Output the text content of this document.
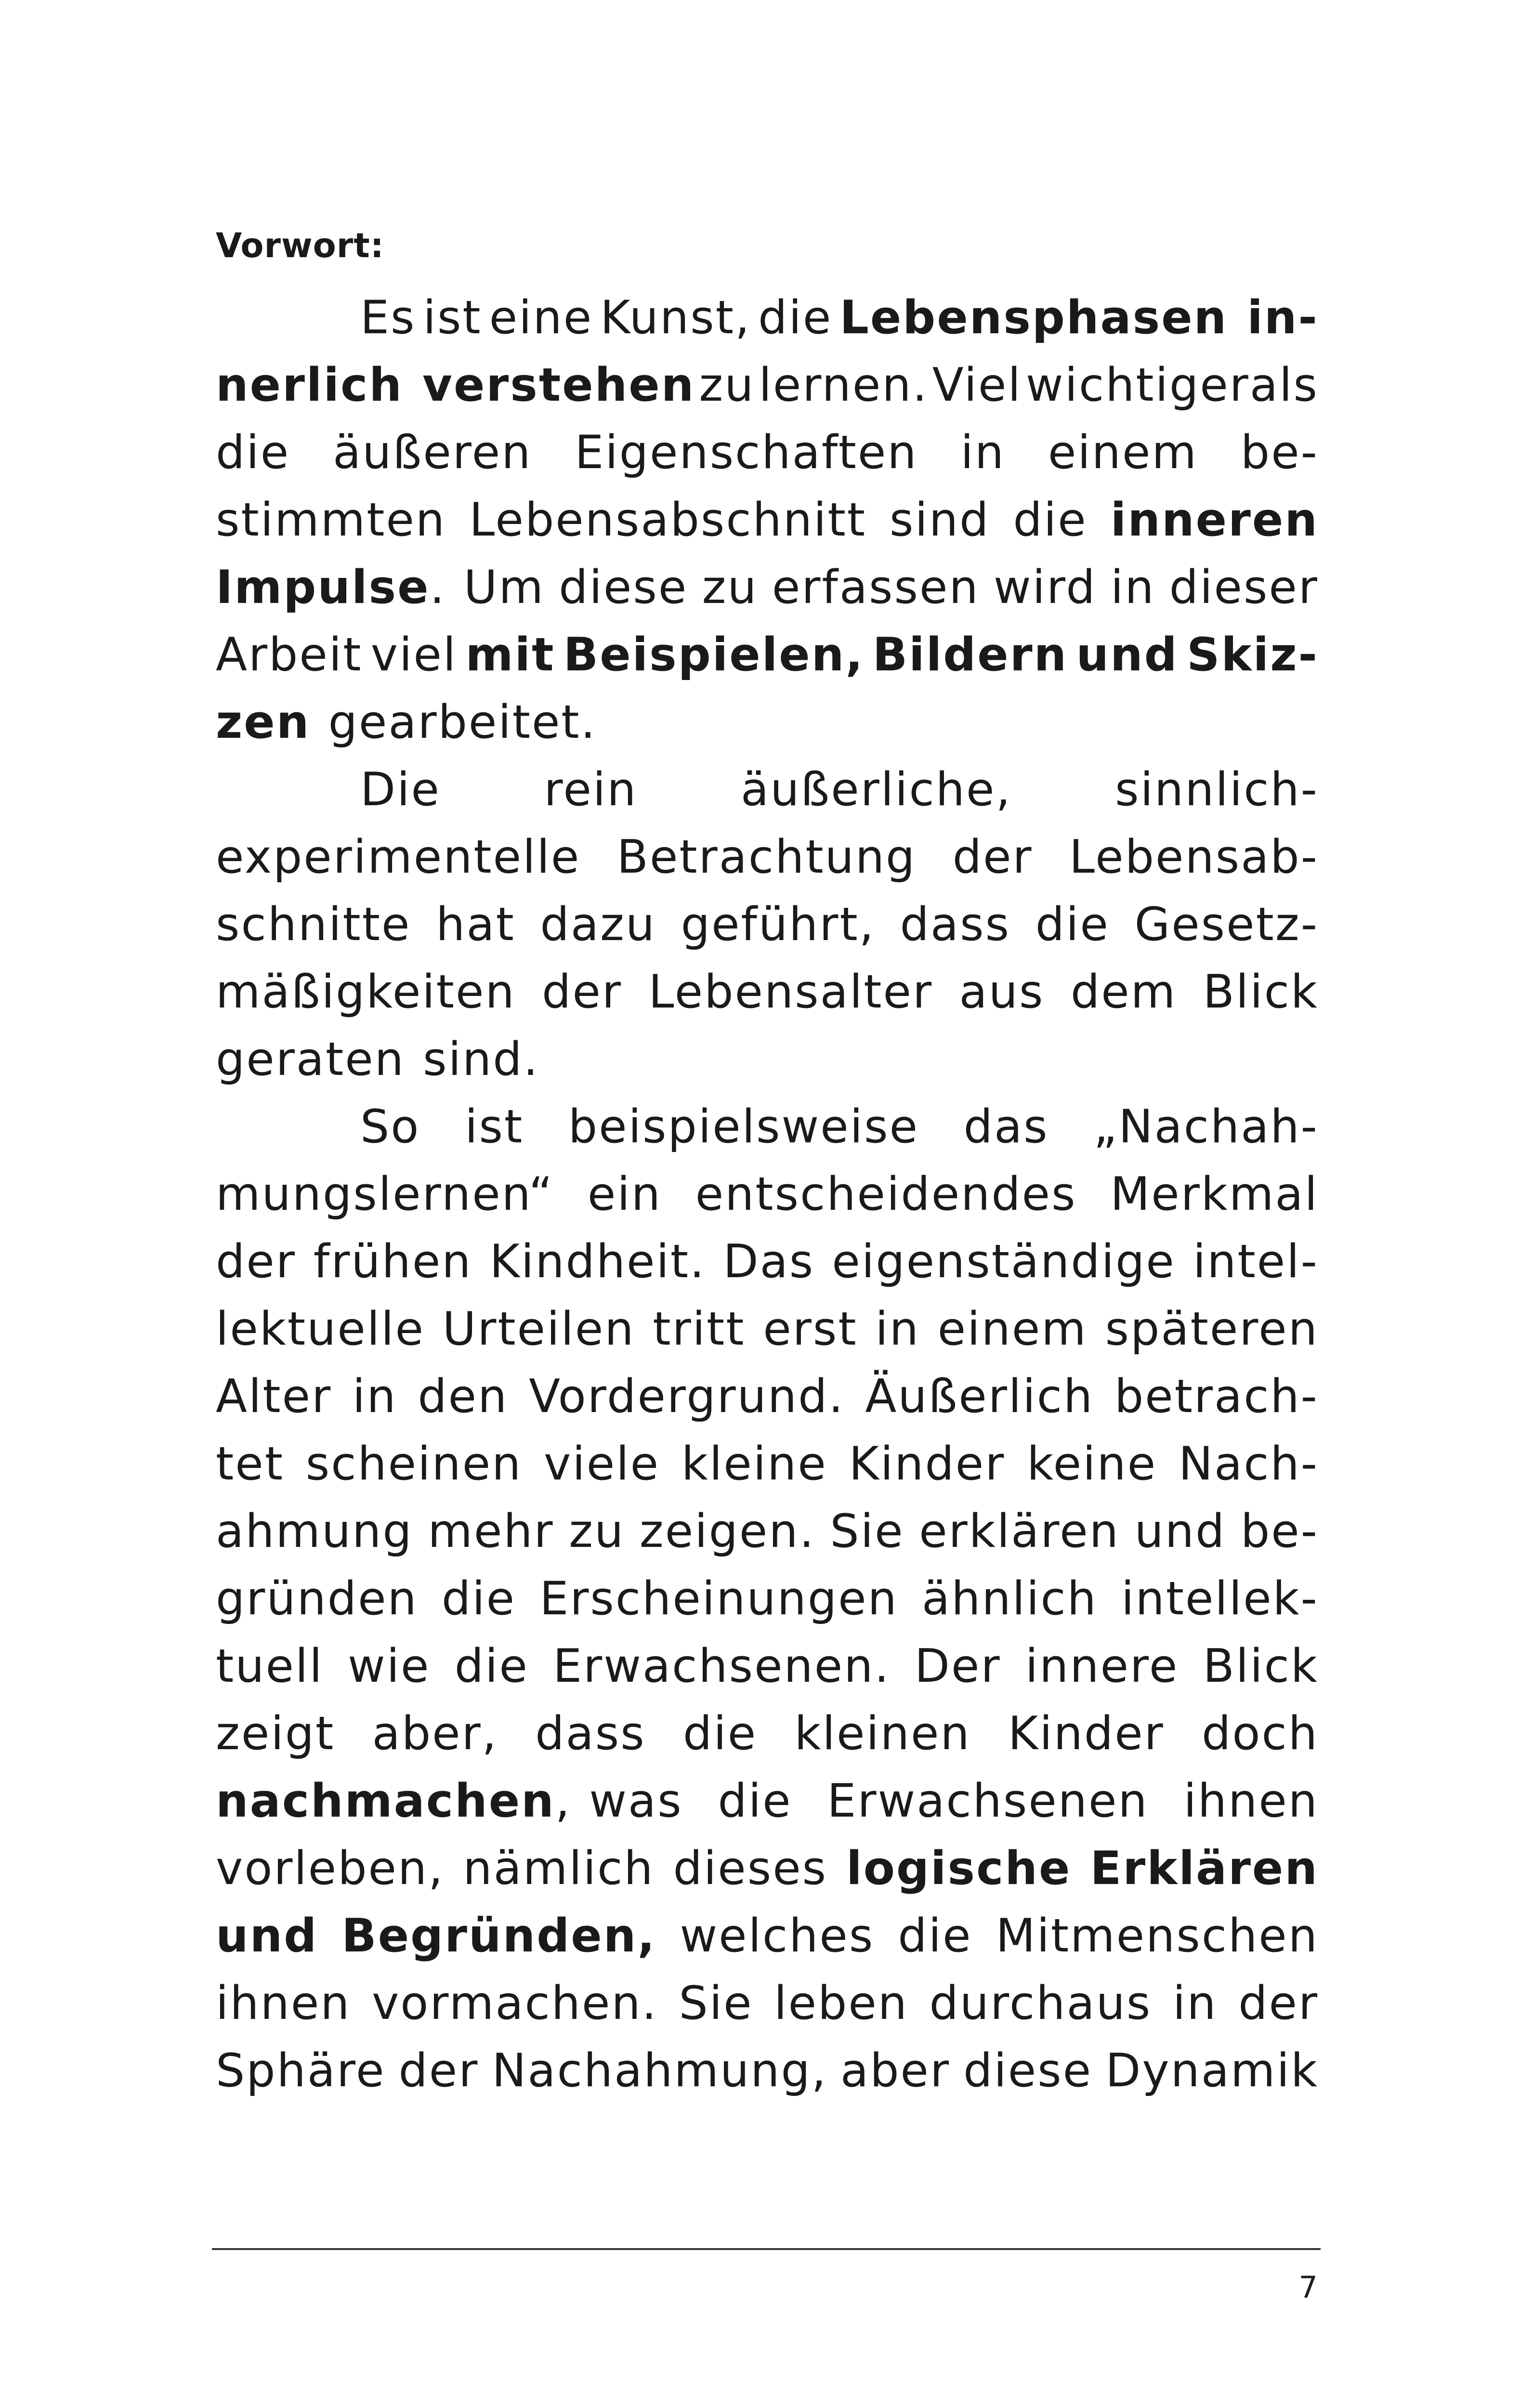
Vorwort:
Es ist eine Kunst, die Lebensphasen in-
nerlich verstehen zu lernen. Viel wichtigerals
die äußeren Eigenschaften in einem be-
stimmten Lebensabschnitt sind die inneren
Impulse. Um diese zu erfassen wird in dieser
Arbeit viel mit Beispielen, Bildern und Skiz-
zen gearbeitet.
Die rein äußerliche, sinnlich-
experimentelle Betrachtung der Lebensab-
schnitte hat dazu geführt, dass die Gesetz-
mäßigkeiten der Lebensalter aus dem Blick
geraten sind.
So ist beispielsweise das „Nachah-
mungslernen“ ein entscheidendes Merkmal
der frühen Kindheit. Das eigenständige intel-
lektuelle Urteilen tritt erst in einem späteren
Alter in den Vordergrund. Äußerlich betrach-
tet scheinen viele kleine Kinder keine Nach-
ahmung mehr zu zeigen. Sie erklären und be-
gründen die Erscheinungen ähnlich intellek-
tuell wie die Erwachsenen. Der innere Blick
zeigt aber, dass die kleinen Kinder doch
nachmachen, was die Erwachsenen ihnen
vorleben, nämlich dieses logische Erklären
und Begründen, welches die Mitmenschen
ihnen vormachen. Sie leben durchaus in der
Sphäre der Nachahmung, aber diese Dynamik
7
